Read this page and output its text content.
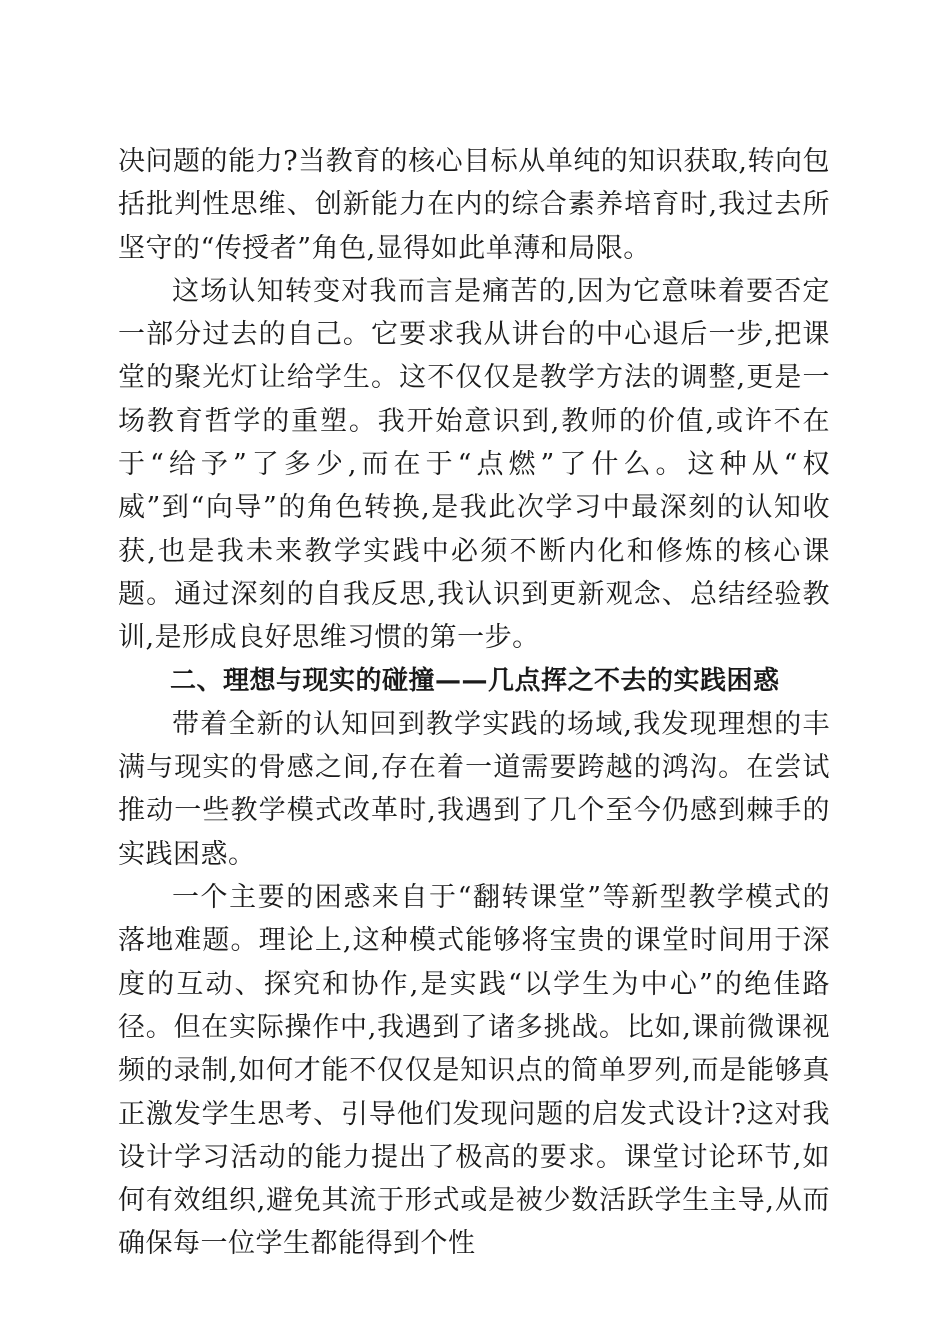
决问题的能力?当教育的核心目标从单纯的知识获取,转向包括批判性思维、创新能力在内的综合素养培育时,我过去所坚守的“传授者”角色,显得如此单薄和局限。

这场认知转变对我而言是痛苦的,因为它意味着要否定一部分过去的自己。它要求我从讲台的中心退后一步,把课堂的聚光灯让给学生。这不仅仅是教学方法的调整,更是一场教育哲学的重塑。我开始意识到,教师的价值,或许不在于“给予”了多少,而在于“点燃”了什么。这种从“权威”到“向导”的角色转换,是我此次学习中最深刻的认知收获,也是我未来教学实践中必须不断内化和修炼的核心课题。通过深刻的自我反思,我认识到更新观念、总结经验教训,是形成良好思维习惯的第一步。

二、理想与现实的碰撞——几点挥之不去的实践困惑

带着全新的认知回到教学实践的场域,我发现理想的丰满与现实的骨感之间,存在着一道需要跨越的鸿沟。在尝试推动一些教学模式改革时,我遇到了几个至今仍感到棘手的实践困惑。

一个主要的困惑来自于“翻转课堂”等新型教学模式的落地难题。理论上,这种模式能够将宝贵的课堂时间用于深度的互动、探究和协作,是实践“以学生为中心”的绝佳路径。但在实际操作中,我遇到了诸多挑战。比如,课前微课视频的录制,如何才能不仅仅是知识点的简单罗列,而是能够真正激发学生思考、引导他们发现问题的启发式设计?这对我设计学习活动的能力提出了极高的要求。课堂讨论环节,如何有效组织,避免其流于形式或是被少数活跃学生主导,从而确保每一位学生都能得到个性
